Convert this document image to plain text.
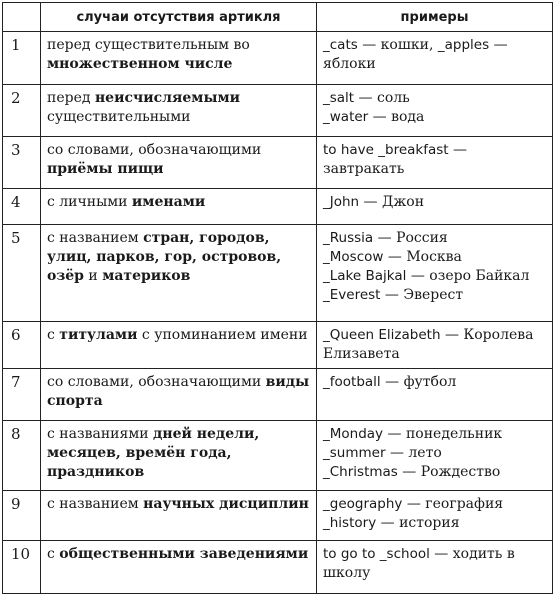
	случаи отсутствия артикля	примеры
1	перед существительным во множественном числе	_cats — кошки, _apples — яблоки
2	перед неисчисляемыми существительными	_salt — соль
_water — вода

3	со словами, обозначающими приёмы пищи	to have _breakfast — завтракать

4	с личными именами	_John — Джон

5	с названием стран, городов, улиц, парков, гор, островов, озёр и материков	_Russia — Россия
_Moscow — Москва
_Lake Bajkal — озеро Байкал
_Everest — Эверест

6	с титулами с упоминанием имени	_Queen Elizabeth — Королева Елизавета

7	со словами, обозначающими виды спорта	_football — футбол

8	с названиями дней недели, месяцев, времён года, праздников	_Monday — понедельник
_summer — лето
_Christmas — Рождество

9	с названием научных дисциплин	_geography — география
_history — история

10	с общественными заведениями	to go to _school — ходить в школу
